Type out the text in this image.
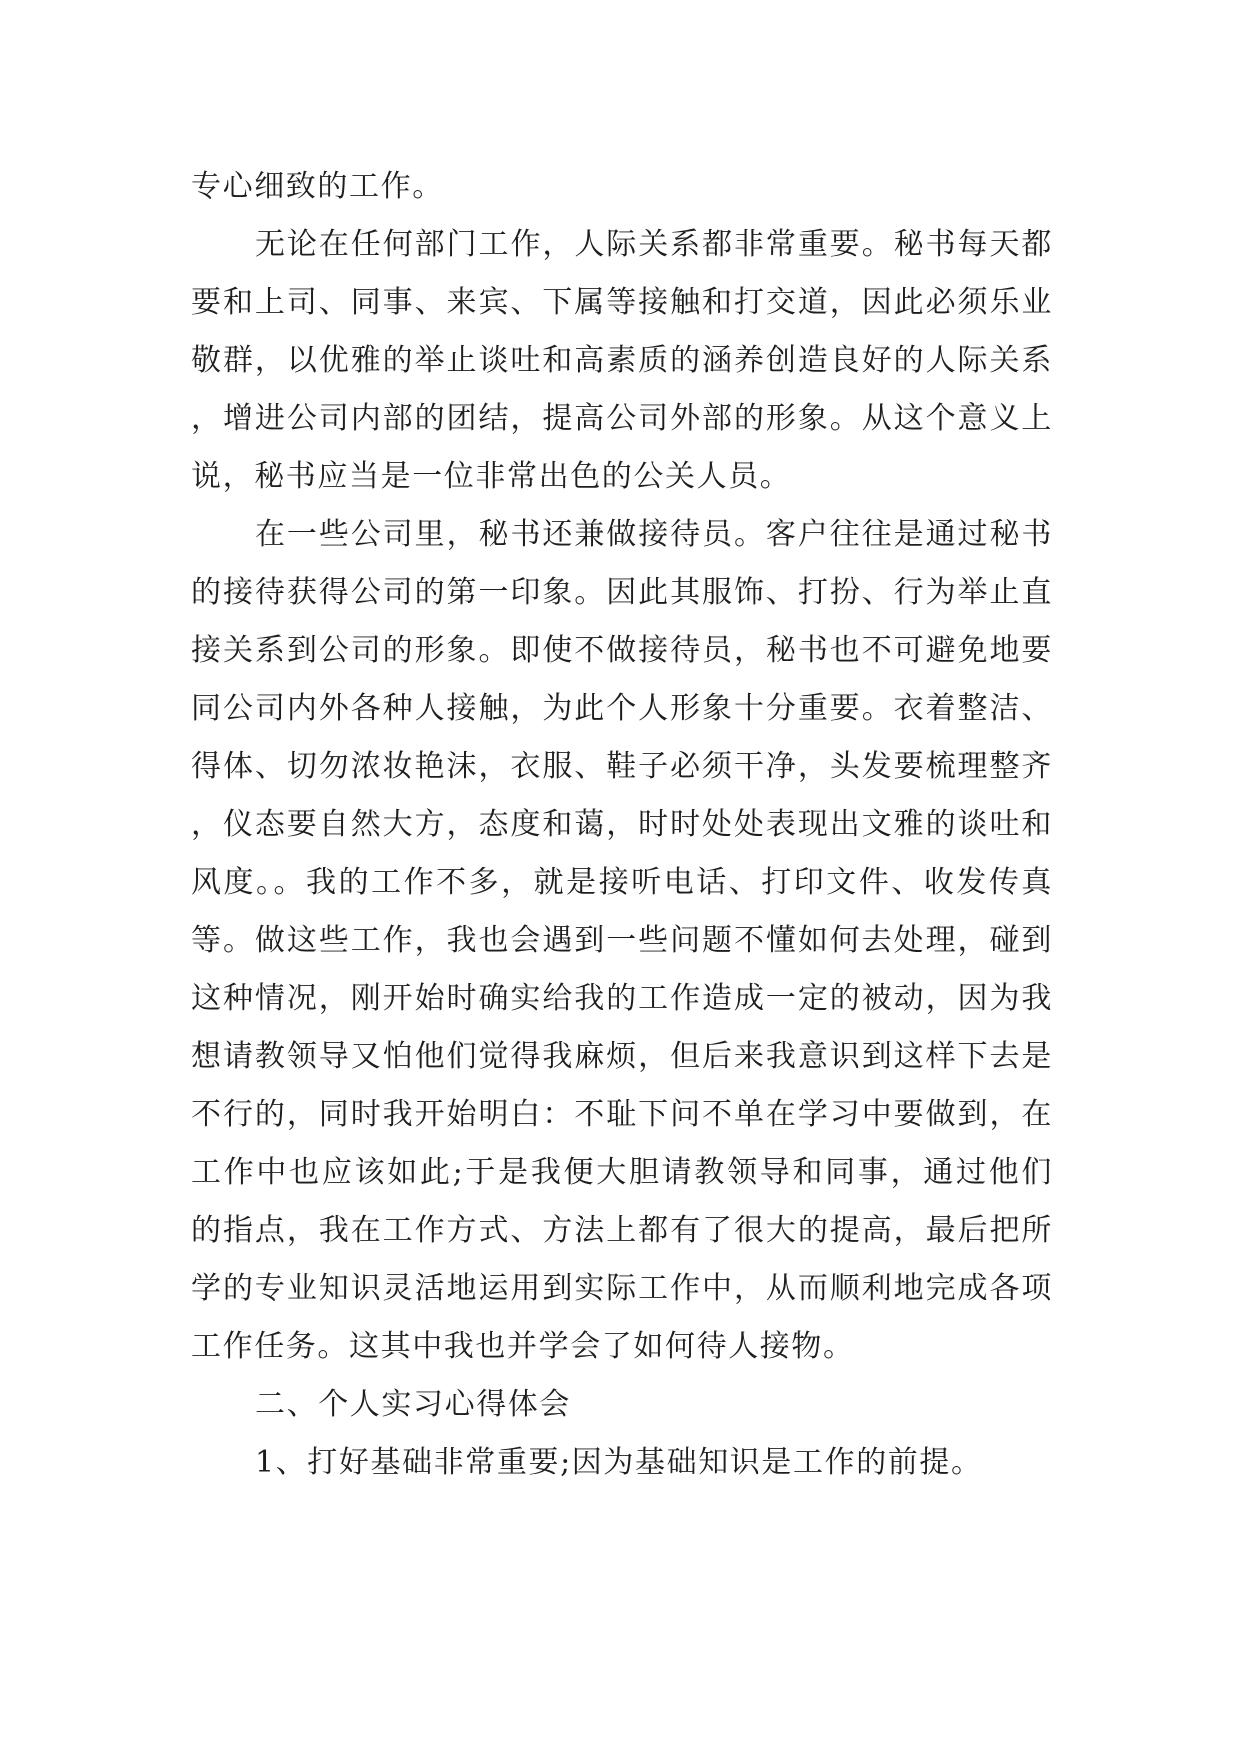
专心细致的工作。

无论在任何部门工作，人际关系都非常重要。秘书每天都要和上司、同事、来宾、下属等接触和打交道，因此必须乐业敬群，以优雅的举止谈吐和高素质的涵养创造良好的人际关系，增进公司内部的团结，提高公司外部的形象。从这个意义上说，秘书应当是一位非常出色的公关人员。

在一些公司里，秘书还兼做接待员。客户往往是通过秘书的接待获得公司的第一印象。因此其服饰、打扮、行为举止直接关系到公司的形象。即使不做接待员，秘书也不可避免地要同公司内外各种人接触，为此个人形象十分重要。衣着整洁、得体、切勿浓妆艳沫，衣服、鞋子必须干净，头发要梳理整齐，仪态要自然大方，态度和蔼，时时处处表现出文雅的谈吐和风度。。我的工作不多，就是接听电话、打印文件、收发传真等。做这些工作，我也会遇到一些问题不懂如何去处理，碰到这种情况，刚开始时确实给我的工作造成一定的被动，因为我想请教领导又怕他们觉得我麻烦，但后来我意识到这样下去是不行的，同时我开始明白：不耻下问不单在学习中要做到，在工作中也应该如此;于是我便大胆请教领导和同事，通过他们的指点，我在工作方式、方法上都有了很大的提高，最后把所学的专业知识灵活地运用到实际工作中，从而顺利地完成各项工作任务。这其中我也并学会了如何待人接物。

二、个人实习心得体会

1、打好基础非常重要;因为基础知识是工作的前提。
